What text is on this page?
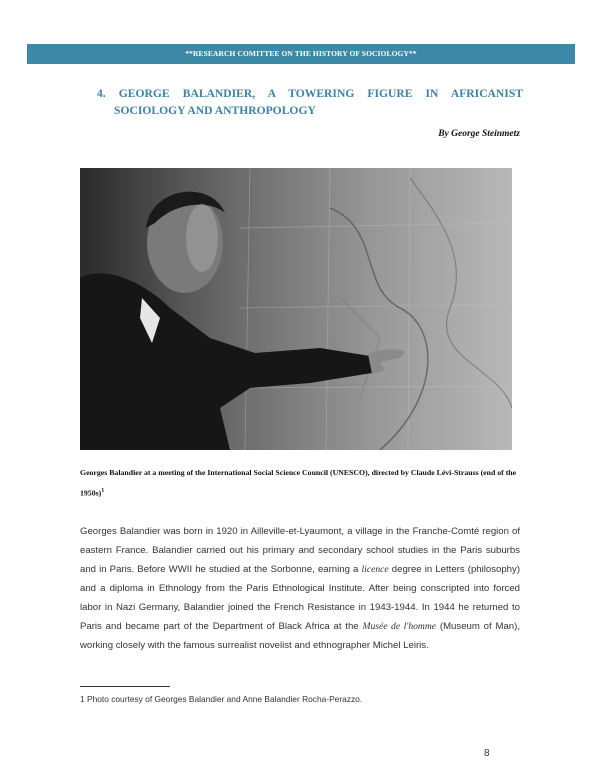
**RESEARCH COMITTEE ON THE HISTORY OF SOCIOLOGY**
4. GEORGE BALANDIER, A TOWERING FIGURE IN AFRICANIST
SOCIOLOGY AND ANTHROPOLOGY
By George Steinmetz
Georges Balandier at a meeting of the International Social Science Council (UNESCO), directed by Claude Lévi-Strauss (end of the 1950s)$^1$
Georges Balandier was born in 1920 in Ailleville-et-Lyaumont, a village in the Franche-Comté region of eastern France. Balandier carried out his primary and secondary school studies in the Paris suburbs and in Paris. Before WWII he studied at the Sorbonne, earning a licence degree in Letters (philosophy) and a diploma in Ethnology from the Paris Ethnological Institute. After being conscripted into forced labor in Nazi Germany, Balandier joined the French Resistance in 1943-1944. In 1944 he returned to Paris and became part of the Department of Black Africa at the Musée de l'homme (Museum of Man), working closely with the famous surrealist novelist and ethnographer Michel Leiris.
1 Photo courtesy of Georges Balandier and Anne Balandier Rocha-Perazzo.
8
